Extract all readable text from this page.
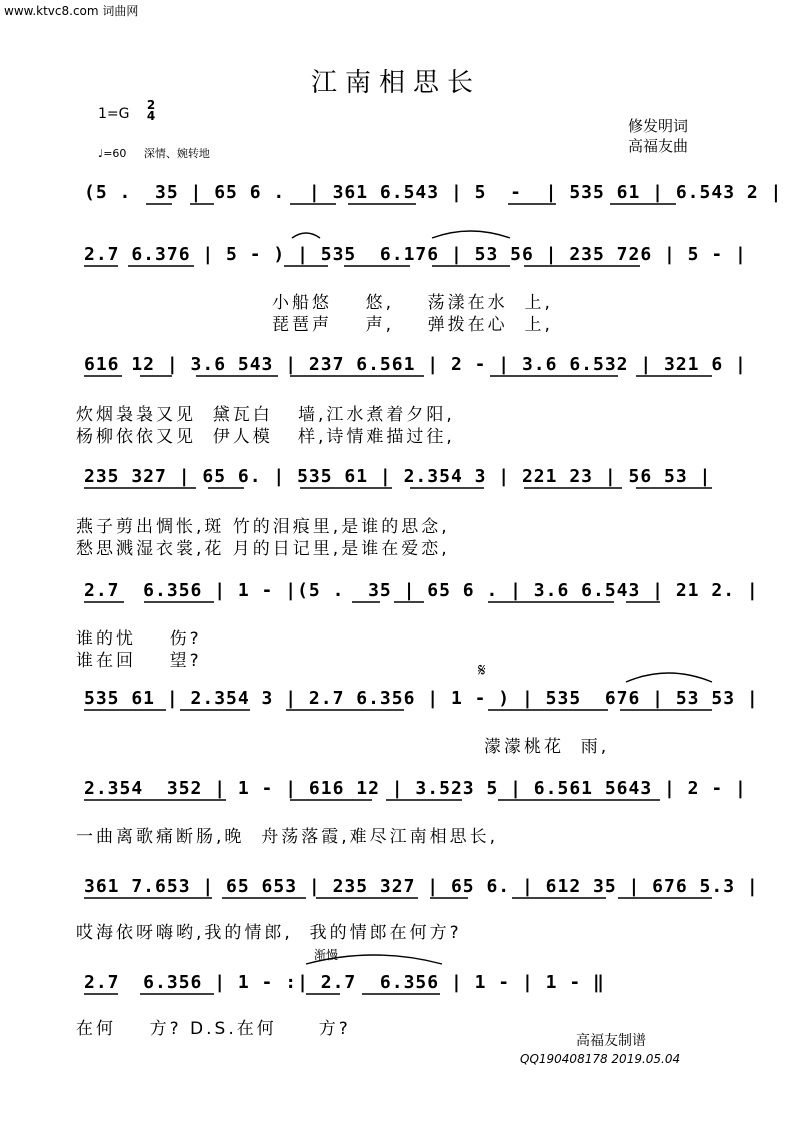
www.ktvc8.com 词曲网
江南相思长
1=G
2
4
♩=60     深情、婉转地
修发明词
高福友曲
(5 .  35 | 65 6 .  | 361 6.543 | 5  -  | 535 61 | 6.543 2 |
2.7 6.376 | 5 - ) | 535  6.176 | 53 56 | 235 726 | 5 - |
小船悠    悠,    荡漾在水  上,
琵琶声    声,    弹拨在心  上,
616 12 | 3.6 543 | 237 6.561 | 2 - | 3.6 6.532 | 321 6 |
炊烟袅袅又见  黛瓦白   墙,江水煮着夕阳,
杨柳依依又见  伊人模   样,诗情难描过往,
235 327 | 65 6. | 535 61 | 2.354 3 | 221 23 | 56 53 |
燕子剪出惆怅,斑 竹的泪痕里,是谁的思念,
愁思溅湿衣裳,花 月的日记里,是谁在爱恋,
2.7  6.356 | 1 - |(5 .  35 | 65 6 . | 3.6 6.543 | 21 2. |
谁的忧    伤?
谁在回    望?	𝄋
535 61 | 2.354 3 | 2.7 6.356 | 1 - ) | 535  676 | 53 53 |
濛濛桃花  雨,
2.354  352 | 1 - | 616 12 | 3.523 5 | 6.561 5643 | 2 - |
一曲离歌痛断肠,晚  舟荡落霞,难尽江南相思长,
361 7.653 | 65 653 | 235 327 | 65 6. | 612 35 | 676 5.3 |
哎海依呀嗨哟,我的情郎,  我的情郎在何方?
渐慢
2.7  6.356 | 1 - :| 2.7  6.356 | 1 - | 1 - ‖
在何    方? D.S.在何     方?
高福友制谱
QQ190408178 2019.05.04
